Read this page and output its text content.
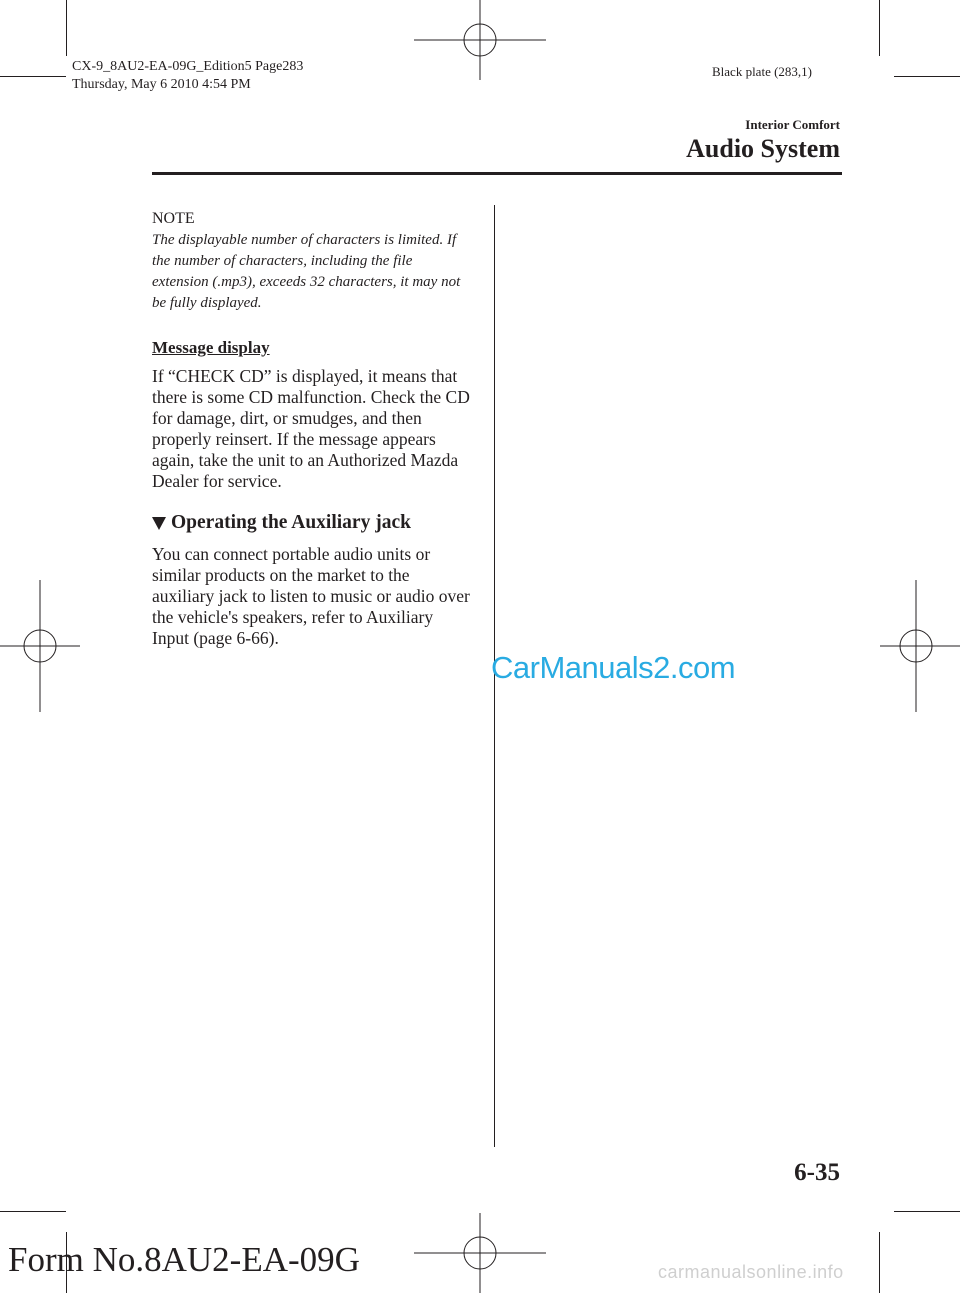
CX-9_8AU2-EA-09G_Edition5 Page283
Thursday, May 6 2010 4:54 PM
Black plate (283,1)
Interior Comfort
Audio System
NOTE

The displayable number of characters is limited. If the number of characters, including the file extension (.mp3), exceeds 32 characters, it may not be fully displayed.

Message display

If “CHECK CD” is displayed, it means that there is some CD malfunction. Check the CD for damage, dirt, or smudges, and then properly reinsert. If the message appears again, take the unit to an Authorized Mazda Dealer for service.

Operating the Auxiliary jack

You can connect portable audio units or similar products on the market to the auxiliary jack to listen to music or audio over the vehicle's speakers, refer to Auxiliary Input (page 6-66).

CarManuals2.com
6-35
Form No.8AU2-EA-09G	carmanualsonline.info
